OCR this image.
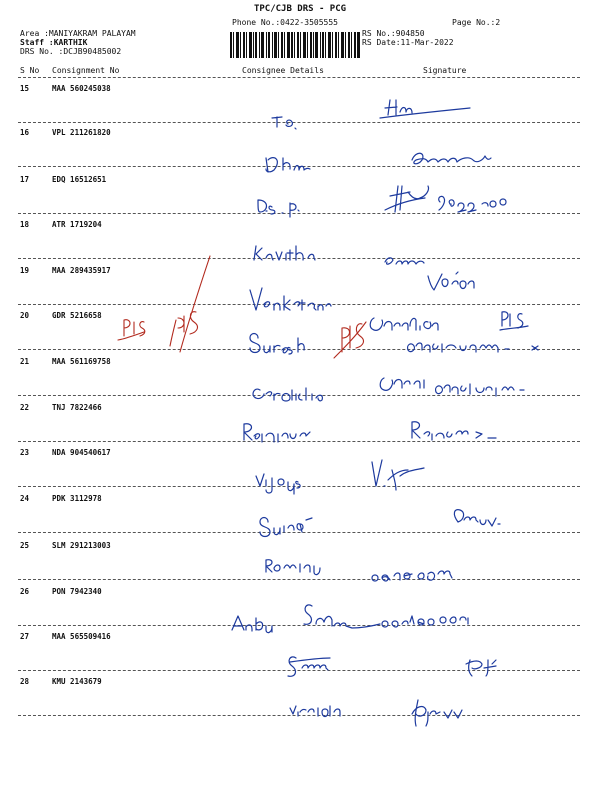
TPC/CJB DRS - PCG
Phone No.:0422-3505555	Page No.:2
Area :MANIYAKRAM PALAYAM
Staff :KARTHIK
DRS No. :DCJB90485002
RS No.:904850
RS Date:11-Mar-2022
S No Consignment No	Consignee Details	Signature
15	MAA 560245038
16	VPL 211261820
17	EDQ 16512651
18	ATR 1719204
19	MAA 289435917
20	GDR 5216658
21	MAA 561169758
22	TNJ 7822466
23	NDA 904540617
24	PDK 3112978
25	SLM 291213003
26	PON 7942340
27	MAA 565509416
28	KMU 2143679
